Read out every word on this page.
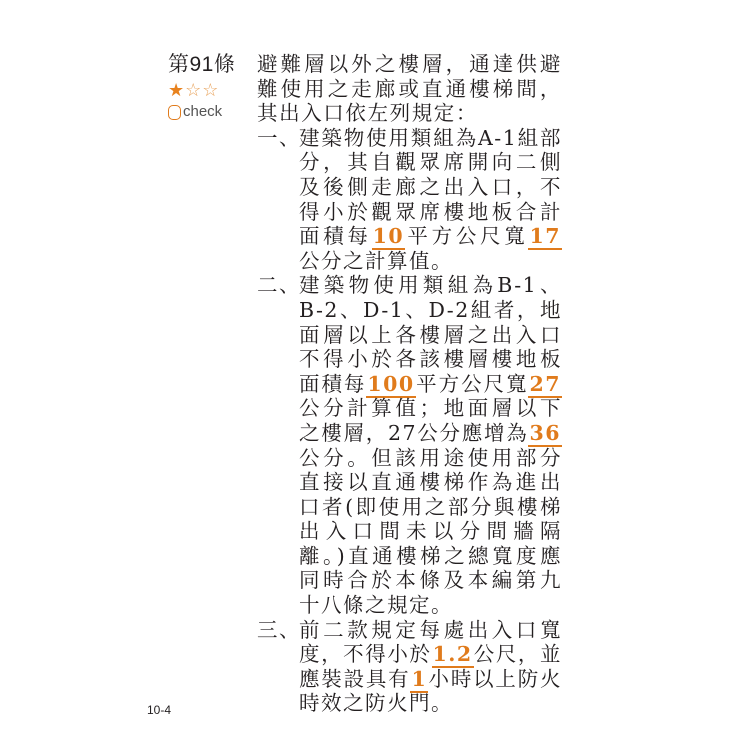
第91條
★☆☆
check
避難層以外之樓層，通達供避難使用之走廊或直通樓梯間，其出入口依左列規定：
一、
建築物使用類組為A-1組部分，其自觀眾席開向二側及後側走廊之出入口，不得小於觀眾席樓地板合計面積每10平方公尺寬17公分之計算值。
二、
建築物使用類組為B-1、B-2、D-1、D-2組者，地面層以上各樓層之出入口不得小於各該樓層樓地板面積每100平方公尺寬27公分計算值；地面層以下之樓層，27公分應增為36公分。但該用途使用部分直接以直通樓梯作為進出口者(即使用之部分與樓梯出入口間未以分間牆隔離。)直通樓梯之總寬度應同時合於本條及本編第九十八條之規定。
三、
前二款規定每處出入口寬度，不得小於1.2公尺，並應裝設具有1小時以上防火時效之防火門。
10-4
